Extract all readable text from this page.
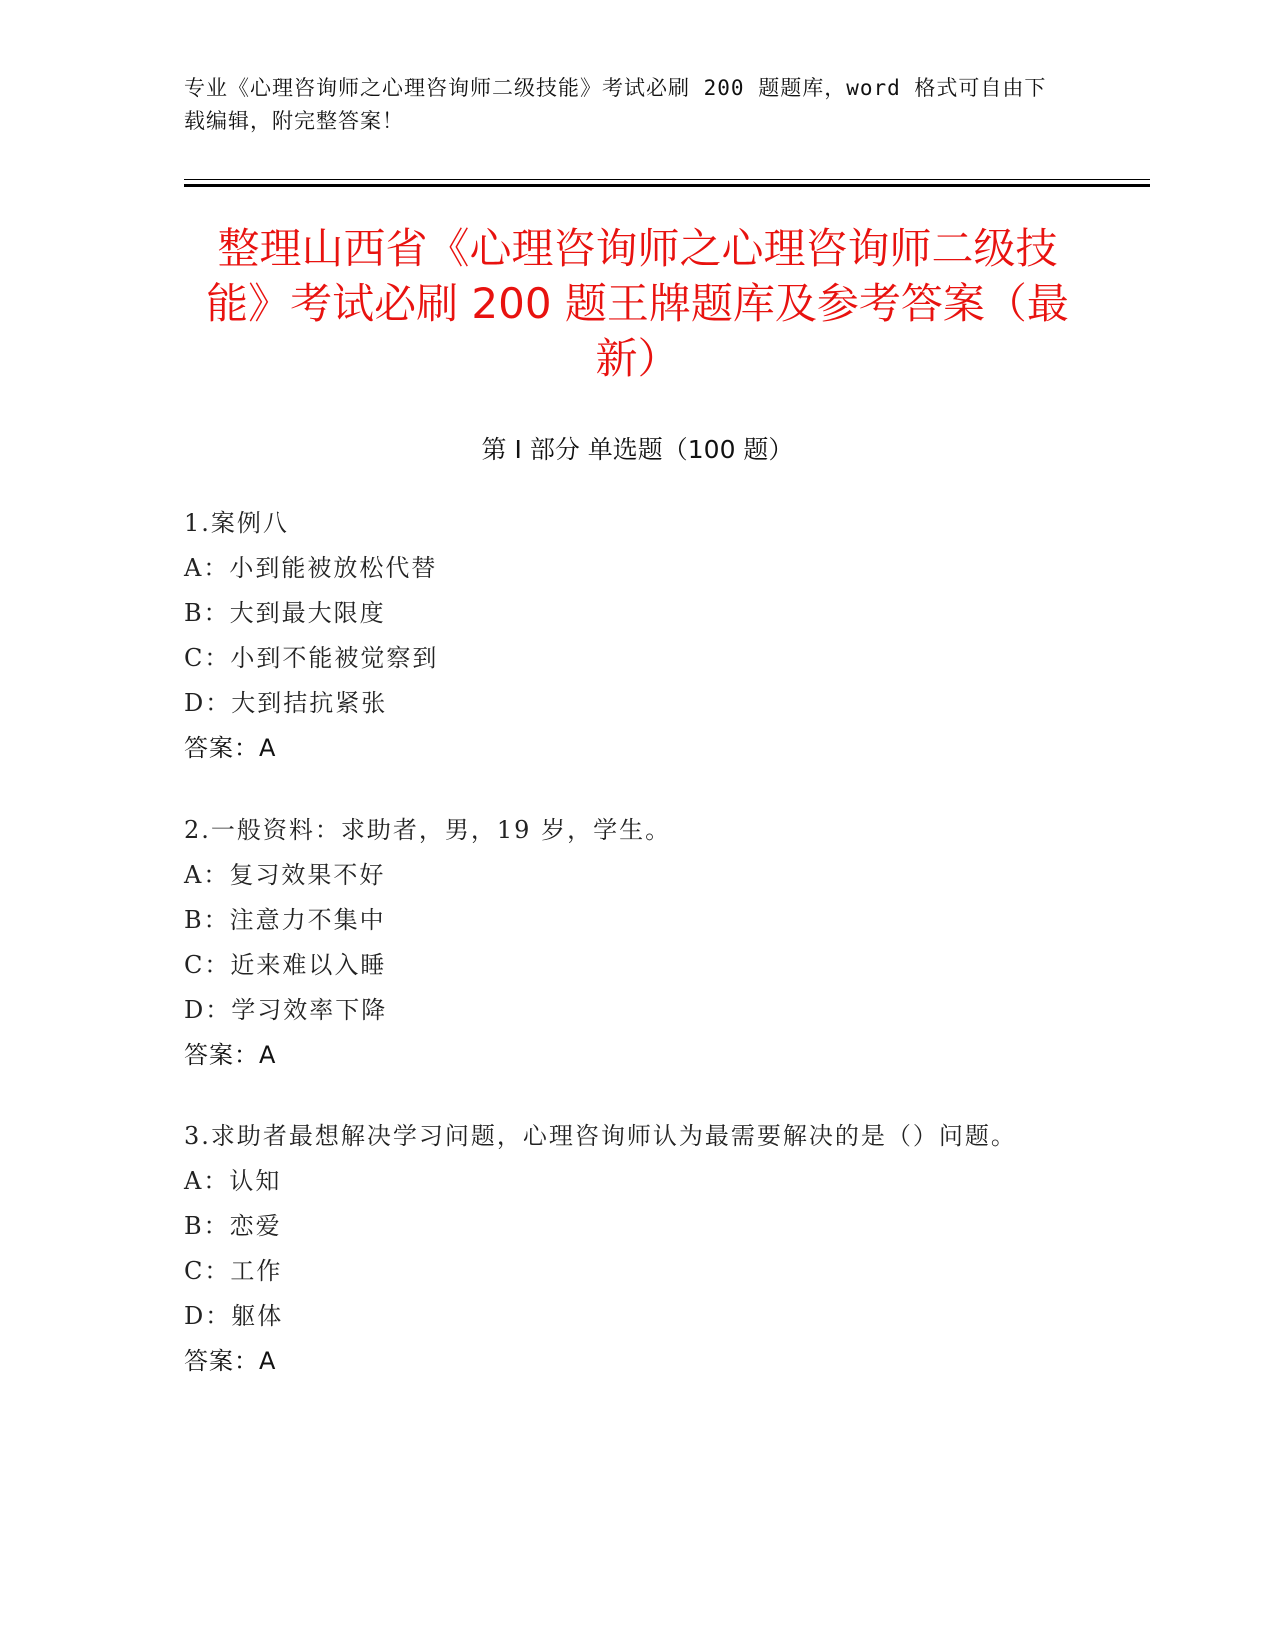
专业《心理咨询师之心理咨询师二级技能》考试必刷 200 题题库，word 格式可自由下载编辑，附完整答案！
整理山西省《心理咨询师之心理咨询师二级技能》考试必刷 200 题王牌题库及参考答案（最新）
第 I 部分 单选题（100 题）
1.案例八
A：小到能被放松代替
B：大到最大限度
C：小到不能被觉察到
D：大到拮抗紧张
答案：A
2.一般资料：求助者，男，19 岁，学生。
A：复习效果不好
B：注意力不集中
C：近来难以入睡
D：学习效率下降
答案：A
3.求助者最想解决学习问题，心理咨询师认为最需要解决的是（）问题。
A：认知
B：恋爱
C：工作
D：躯体
答案：A
